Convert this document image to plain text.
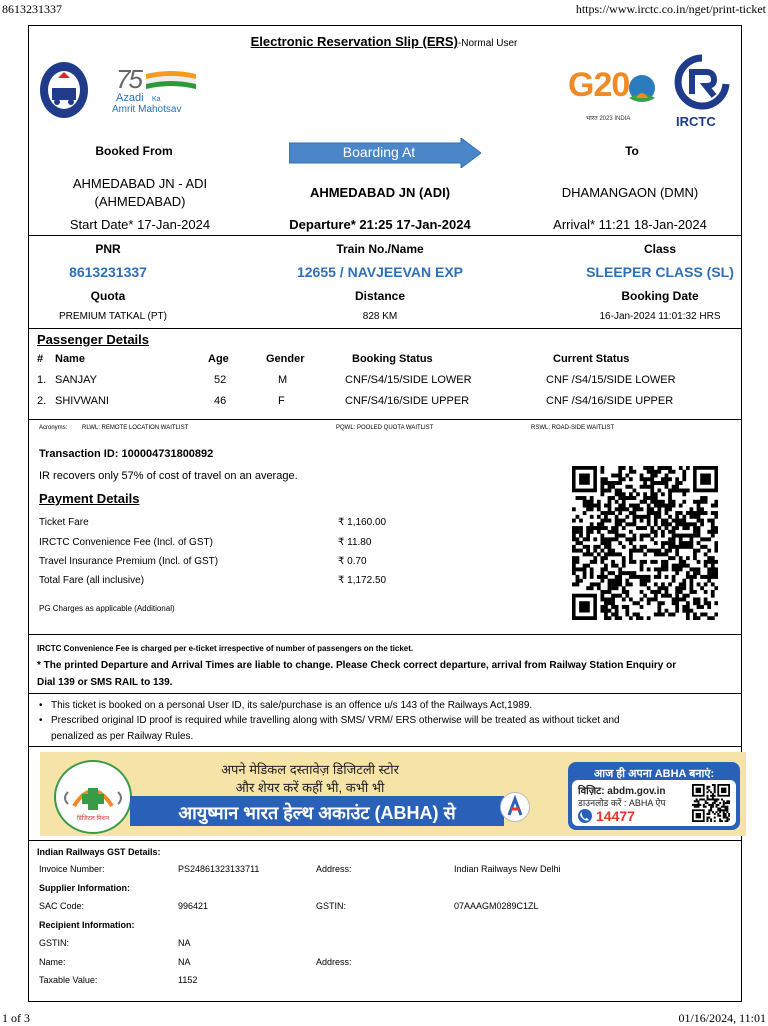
8613231337	https://www.irctc.co.in/nget/print-ticket
1 of 3	01/16/2024, 11:01
Electronic Reservation Slip (ERS)-Normal User
75
Azadi Ka
Amrit Mahotsav
G20
भारत 2023 INDIA	IRCTC
Booked From	Boarding At	To
AHMEDABAD JN - ADI
(AHMEDABAD)
AHMEDABAD JN (ADI)	DHAMANGAON (DMN)
Start Date* 17-Jan-2024	Departure* 21:25 17-Jan-2024	Arrival* 11:21 18-Jan-2024
PNR	Train No./Name	Class
8613231337	12655 / NAVJEEVAN EXP	SLEEPER CLASS (SL)
Quota	Distance	Booking Date
PREMIUM TATKAL (PT)	828 KM	16-Jan-2024 11:01:32 HRS
Passenger Details
# Name	Age	Gender	Booking Status	Current Status
1. SANJAY	52	M	CNF/S4/15/SIDE LOWER	CNF /S4/15/SIDE LOWER
2. SHIVWANI	46	F	CNF/S4/16/SIDE UPPER	CNF /S4/16/SIDE UPPER
Acronyms: RLWL: REMOTE LOCATION WAITLIST	PQWL: POOLED QUOTA WAITLIST	RSWL: ROAD-SIDE WAITLIST
Transaction ID: 100004731800892
IR recovers only 57% of cost of travel on an average.
Payment Details
Ticket Fare	₹ 1,160.00
IRCTC Convenience Fee (Incl. of GST)	₹ 11.80
Travel Insurance Premium (Incl. of GST)	₹ 0.70
Total Fare (all inclusive)	₹ 1,172.50
PG Charges as applicable (Additional)
IRCTC Convenience Fee is charged per e-ticket irrespective of number of passengers on the ticket.
* The printed Departure and Arrival Times are liable to change. Please Check correct departure, arrival from Railway Station Enquiry or
Dial 139 or SMS RAIL to 139.
• This ticket is booked on a personal User ID, its sale/purchase is an offence u/s 143 of the Railways Act,1989.
• Prescribed original ID proof is required while travelling along with SMS/ VRM/ ERS otherwise will be treated as without ticket and
penalized as per Railway Rules.
डिजिटल मिशन
अपने मेडिकल दस्तावेज़ डिजिटली स्टोर
और शेयर करें कहीं भी, कभी भी
आयुष्मान भारत हेल्थ अकाउंट (ABHA) से
आज ही अपना ABHA बनाएं:
विज़िट: abdm.gov.in
डाउनलोड करें : ABHA ऐप
14477
Indian Railways GST Details:
Invoice Number:	PS24861323133711	Address:	Indian Railways New Delhi
Supplier Information:
SAC Code:	996421	GSTIN:	07AAAGM0289C1ZL
Recipient Information:
GSTIN:	NA
Name:	NA	Address:
Taxable Value:	1152
